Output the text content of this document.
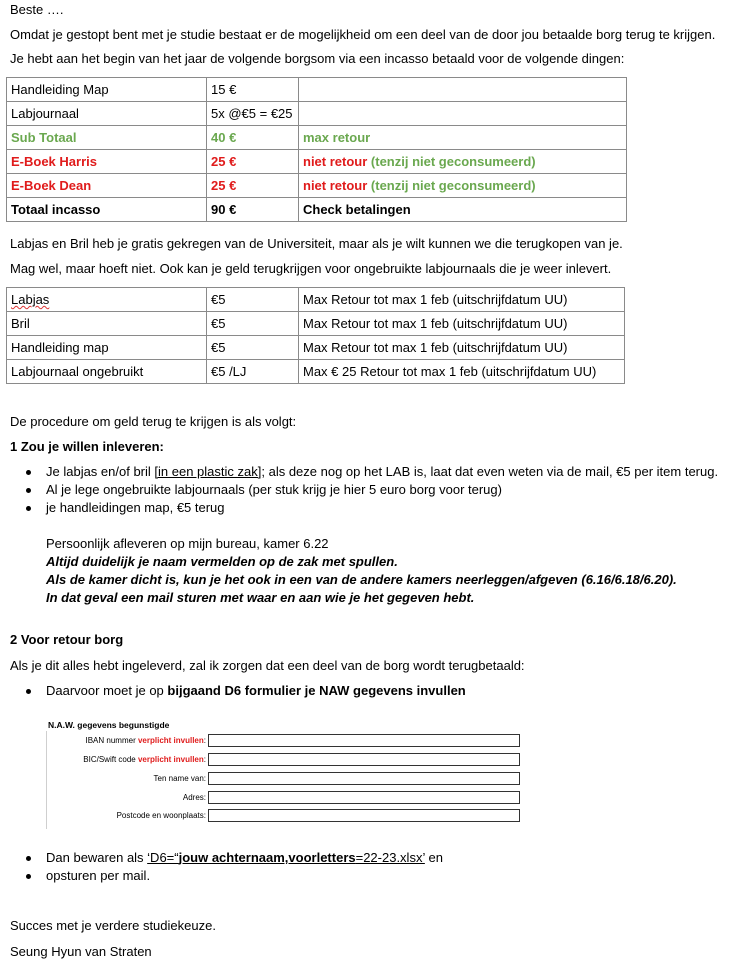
Beste ….

Omdat je gestopt bent met je studie bestaat er de mogelijkheid om een deel van de door jou betaalde borg terug te krijgen.

Je hebt aan het begin van het jaar de volgende borgsom via een incasso betaald voor de volgende dingen:

Handleiding Map	15 €	
Labjournaal	5x @€5 = €25	
Sub Totaal	40 €	max retour
E-Boek Harris	25 €	niet retour (tenzij niet geconsumeerd)
E-Boek Dean	25 €	niet retour (tenzij niet geconsumeerd)
Totaal incasso	90 €	Check betalingen

Labjas en Bril heb je gratis gekregen van de Universiteit, maar als je wilt kunnen we die terugkopen van je.

Mag wel, maar hoeft niet. Ook kan je geld terugkrijgen voor ongebruikte labjournaals die je weer inlevert.

Labjas	€5	Max Retour tot max 1 feb (uitschrijfdatum UU)
Bril	€5	Max Retour tot max 1 feb (uitschrijfdatum UU)
Handleiding map	€5	Max Retour tot max 1 feb (uitschrijfdatum UU)
Labjournaal ongebruikt	€5 /LJ	Max € 25 Retour tot max 1 feb (uitschrijfdatum UU)

De procedure om geld terug te krijgen is als volgt:

1 Zou je willen inleveren:

Je labjas en/of bril [in een plastic zak]; als deze nog op het LAB is, laat dat even weten via de mail, €5 per item terug.
Al je lege ongebruikte labjournaals (per stuk krijg je hier 5 euro borg voor terug)
je handleidingen map, €5 terug
Persoonlijk afleveren op mijn bureau, kamer 6.22
Altijd duidelijk je naam vermelden op de zak met spullen.
Als de kamer dicht is, kun je het ook in een van de andere kamers neerleggen/afgeven (6.16/6.18/6.20).
In dat geval een mail sturen met waar en aan wie je het gegeven hebt.

2 Voor retour borg

Als je dit alles hebt ingeleverd, zal ik zorgen dat een deel van de borg wordt terugbetaald:

Daarvoor moet je op bijgaand D6 formulier je NAW gegevens invullen
N.A.W. gegevens begunstigde
IBAN nummer verplicht invullen:
BIC/Swift code verplicht invullen:
Ten name van:
Adres:
Postcode en woonplaats:
Dan bewaren als ‘D6=“jouw achternaam,voorletters=22-23.xlsx’ en
opsturen per mail.

Succes met je verdere studiekeuze.

Seung Hyun van Straten
